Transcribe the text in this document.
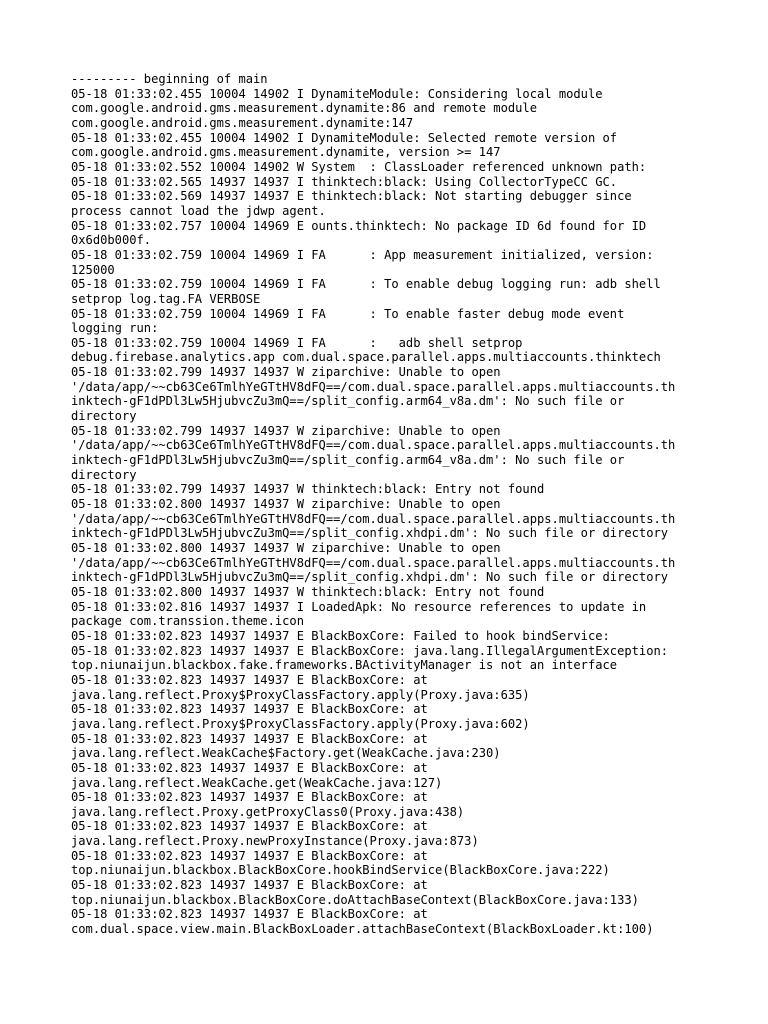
--------- beginning of main
05-18 01:33:02.455 10004 14902 I DynamiteModule: Considering local module
com.google.android.gms.measurement.dynamite:86 and remote module
com.google.android.gms.measurement.dynamite:147
05-18 01:33:02.455 10004 14902 I DynamiteModule: Selected remote version of
com.google.android.gms.measurement.dynamite, version >= 147
05-18 01:33:02.552 10004 14902 W System  : ClassLoader referenced unknown path:
05-18 01:33:02.565 14937 14937 I thinktech:black: Using CollectorTypeCC GC.
05-18 01:33:02.569 14937 14937 E thinktech:black: Not starting debugger since
process cannot load the jdwp agent.
05-18 01:33:02.757 10004 14969 E ounts.thinktech: No package ID 6d found for ID
0x6d0b000f.
05-18 01:33:02.759 10004 14969 I FA      : App measurement initialized, version:
125000
05-18 01:33:02.759 10004 14969 I FA      : To enable debug logging run: adb shell
setprop log.tag.FA VERBOSE
05-18 01:33:02.759 10004 14969 I FA      : To enable faster debug mode event
logging run:
05-18 01:33:02.759 10004 14969 I FA      :   adb shell setprop
debug.firebase.analytics.app com.dual.space.parallel.apps.multiaccounts.thinktech
05-18 01:33:02.799 14937 14937 W ziparchive: Unable to open
'/data/app/~~cb63Ce6TmlhYeGTtHV8dFQ==/com.dual.space.parallel.apps.multiaccounts.th
inktech-gF1dPDl3Lw5HjubvcZu3mQ==/split_config.arm64_v8a.dm': No such file or
directory
05-18 01:33:02.799 14937 14937 W ziparchive: Unable to open
'/data/app/~~cb63Ce6TmlhYeGTtHV8dFQ==/com.dual.space.parallel.apps.multiaccounts.th
inktech-gF1dPDl3Lw5HjubvcZu3mQ==/split_config.arm64_v8a.dm': No such file or
directory
05-18 01:33:02.799 14937 14937 W thinktech:black: Entry not found
05-18 01:33:02.800 14937 14937 W ziparchive: Unable to open
'/data/app/~~cb63Ce6TmlhYeGTtHV8dFQ==/com.dual.space.parallel.apps.multiaccounts.th
inktech-gF1dPDl3Lw5HjubvcZu3mQ==/split_config.xhdpi.dm': No such file or directory
05-18 01:33:02.800 14937 14937 W ziparchive: Unable to open
'/data/app/~~cb63Ce6TmlhYeGTtHV8dFQ==/com.dual.space.parallel.apps.multiaccounts.th
inktech-gF1dPDl3Lw5HjubvcZu3mQ==/split_config.xhdpi.dm': No such file or directory
05-18 01:33:02.800 14937 14937 W thinktech:black: Entry not found
05-18 01:33:02.816 14937 14937 I LoadedApk: No resource references to update in
package com.transsion.theme.icon
05-18 01:33:02.823 14937 14937 E BlackBoxCore: Failed to hook bindService:
05-18 01:33:02.823 14937 14937 E BlackBoxCore: java.lang.IllegalArgumentException:
top.niunaijun.blackbox.fake.frameworks.BActivityManager is not an interface
05-18 01:33:02.823 14937 14937 E BlackBoxCore: at
java.lang.reflect.Proxy$ProxyClassFactory.apply(Proxy.java:635)
05-18 01:33:02.823 14937 14937 E BlackBoxCore: at
java.lang.reflect.Proxy$ProxyClassFactory.apply(Proxy.java:602)
05-18 01:33:02.823 14937 14937 E BlackBoxCore: at
java.lang.reflect.WeakCache$Factory.get(WeakCache.java:230)
05-18 01:33:02.823 14937 14937 E BlackBoxCore: at
java.lang.reflect.WeakCache.get(WeakCache.java:127)
05-18 01:33:02.823 14937 14937 E BlackBoxCore: at
java.lang.reflect.Proxy.getProxyClass0(Proxy.java:438)
05-18 01:33:02.823 14937 14937 E BlackBoxCore: at
java.lang.reflect.Proxy.newProxyInstance(Proxy.java:873)
05-18 01:33:02.823 14937 14937 E BlackBoxCore: at
top.niunaijun.blackbox.BlackBoxCore.hookBindService(BlackBoxCore.java:222)
05-18 01:33:02.823 14937 14937 E BlackBoxCore: at
top.niunaijun.blackbox.BlackBoxCore.doAttachBaseContext(BlackBoxCore.java:133)
05-18 01:33:02.823 14937 14937 E BlackBoxCore: at
com.dual.space.view.main.BlackBoxLoader.attachBaseContext(BlackBoxLoader.kt:100)
